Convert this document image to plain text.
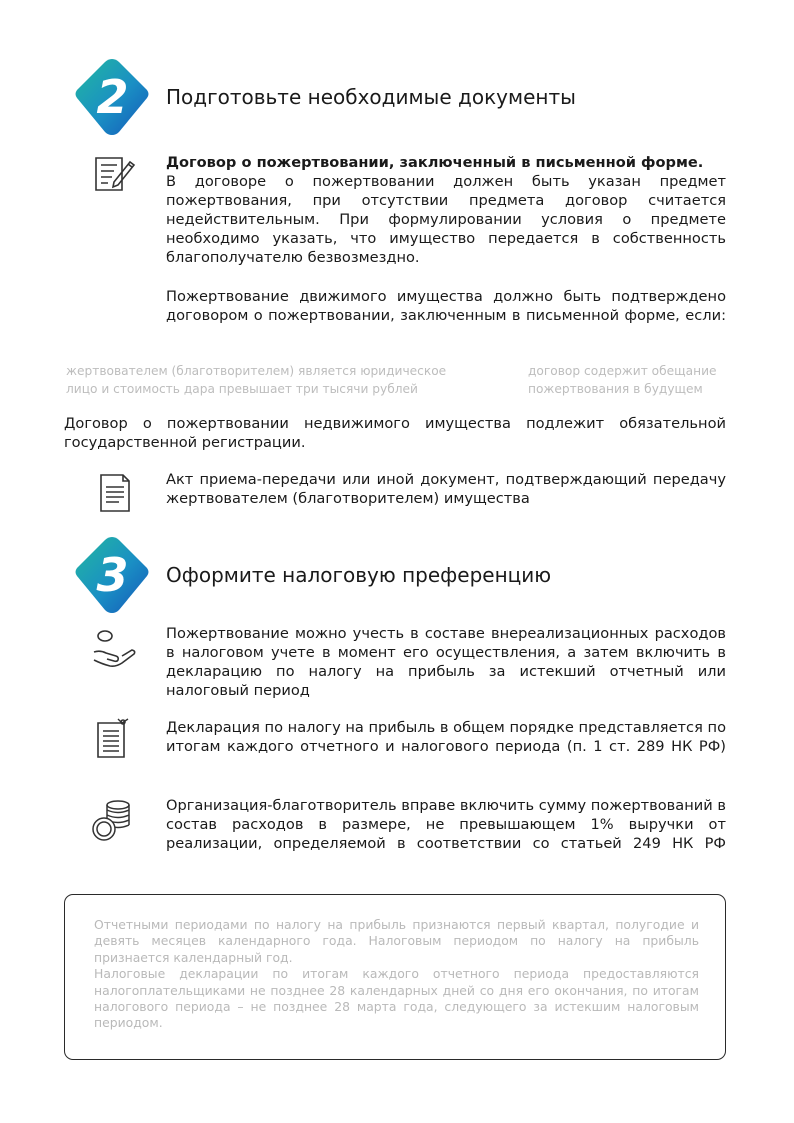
2	Подготовьте необходимые документы
Договор о пожертвовании, заключенный в письменной форме.
В договоре о пожертвовании должен быть указан предмет пожертвования, при отсутствии предмета договор считается недействительным. При формулировании условия о предмете необходимо указать, что имущество передается в собственность благополучателю безвозмездно.
Пожертвование движимого имущества должно быть подтверждено договором о пожертвовании, заключенным в письменной форме, если:
жертвователем (благотворителем) является юридическое
лицо и стоимость дара превышает три тысячи рублей
договор содержит обещание
пожертвования в будущем
Договор о пожертвовании недвижимого имущества подлежит обязательной государственной регистрации.
Акт приема-передачи или иной документ, подтверждающий передачу жертвователем (благотворителем) имущества
3	Оформите налоговую преференцию
Пожертвование можно учесть в составе внереализационных расходов в налоговом учете в момент его осуществления, а затем включить в декларацию по налогу на прибыль за истекший отчетный или налоговый период
Декларация по налогу на прибыль в общем порядке представляется по итогам каждого отчетного и налогового периода (п. 1 ст. 289 НК РФ)
Организация-благотворитель вправе включить сумму пожертвований в состав расходов в размере, не превышающем 1% выручки от реализации, определяемой в соответствии со статьей 249 НК РФ

Отчетными периодами по налогу на прибыль признаются первый квартал, полугодие и девять месяцев календарного года. Налоговым периодом по налогу на прибыль признается календарный год.

Налоговые декларации по итогам каждого отчетного периода предоставляются налогоплательщиками не позднее 28 календарных дней со дня его окончания, по итогам налогового периода – не позднее 28 марта года, следующего за истекшим налоговым периодом.
